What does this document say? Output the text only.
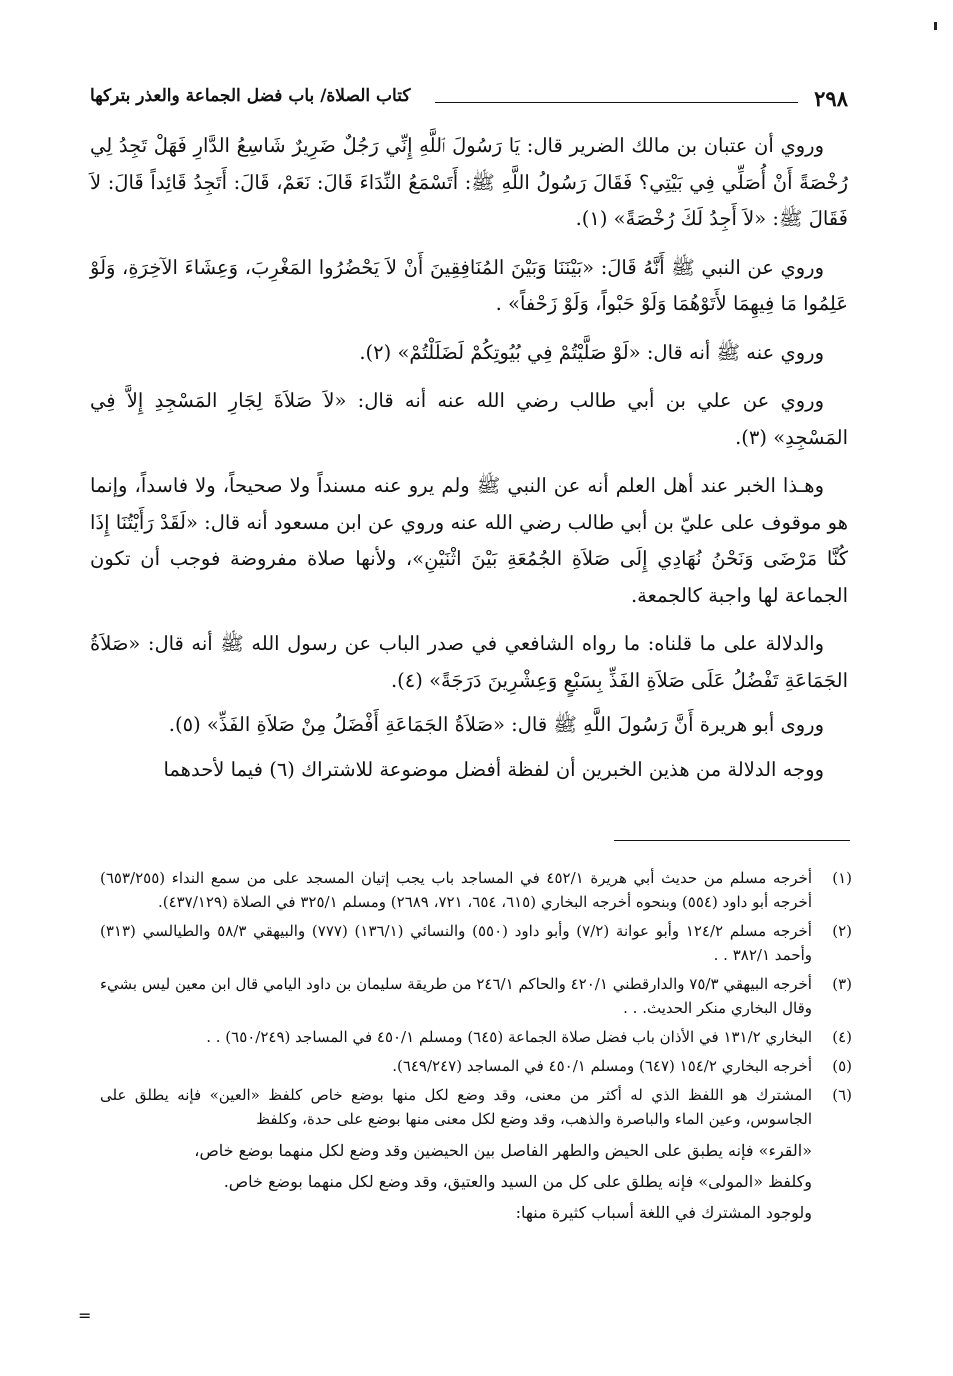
٢٩٨
كتاب الصلاة/ باب فضل الجماعة والعذر بتركها

وروي أن عتبان بن مالك الضرير قال: يَا رَسُولَ ٱللَّهِ إِنِّي رَجُلٌ ضَرِيرٌ شَاسِعُ الدَّارِ فَهَلْ تَجِدُ لِي رُخْصَةً أَنْ أُصَلِّي فِي بَيْتِي؟ فَقَالَ رَسُولُ اللَّهِ ﷺ: أَتَسْمَعُ النِّدَاءَ قَالَ: نَعَمْ، قَالَ: أَتَجِدُ قَائِداً قَالَ: لاَ فَقَالَ ﷺ: «لاَ أَجِدُ لَكَ رُخْصَةً» (١).

وروي عن النبي ﷺ أَنَّهُ قَالَ: «بَيْنَنَا وَبَيْنَ المُنَافِقِينَ أَنْ لاَ يَحْضُرُوا المَغْرِبَ، وَعِشَاءَ الآخِرَةِ، وَلَوْ عَلِمُوا مَا فِيهِمَا لأَتَوْهُمَا وَلَوْ حَبْواً، وَلَوْ زَحْفاً» .

وروي عنه ﷺ أنه قال: «لَوْ صَلَّيْتُمْ فِي بُيُوتِكُمْ لَضَلَلْتُمْ» (٢).

وروي عن علي بن أبي طالب رضي الله عنه أنه قال: «لاَ صَلاَةَ لِجَارِ المَسْجِدِ إِلاَّ فِي المَسْجِدِ» (٣).

وهـذا الخبر عند أهل العلم أنه عن النبي ﷺ ولم يرو عنه مسنداً ولا صحيحاً، ولا فاسداً، وإنما هو موقوف على عليّ بن أبي طالب رضي الله عنه وروي عن ابن مسعود أنه قال: «لَقَدْ رَأَيْتُنَا إِذَا كُنَّا مَرْضَى وَنَحْنُ نُهَادِي إِلَى صَلاَةِ الجُمُعَةِ بَيْنَ اثْنَيْنِ»، ولأنها صلاة مفروضة فوجب أن تكون الجماعة لها واجبة كالجمعة.

والدلالة على ما قلناه: ما رواه الشافعي في صدر الباب عن رسول الله ﷺ أنه قال: «صَلاَةُ الجَمَاعَةِ تَفْضُلُ عَلَى صَلاَةِ الفَذِّ بِسَبْعٍ وَعِشْرِينَ دَرَجَةً» (٤).

وروى أبو هريرة أَنَّ رَسُولَ اللَّهِ ﷺ قال: «صَلاَةُ الجَمَاعَةِ أَفْضَلُ مِنْ صَلاَةِ الفَذِّ» (٥).

ووجه الدلالة من هذين الخبرين أن لفظة أفضل موضوعة للاشتراك (٦) فيما لأحدهما

(١)
أخرجه مسلم من حديث أبي هريرة ٤٥٢/١ في المساجد باب يجب إتيان المسجد على من سمع النداء (٦٥٣/٢٥٥) أخرجه أبو داود (٥٥٤) وبنحوه أخرجه البخاري (٦١٥، ٦٥٤، ٧٢١، ٢٦٨٩) ومسلم ٣٢٥/١ في الصلاة (٤٣٧/١٢٩).
(٢)
أخرجه مسلم ١٢٤/٢ وأبو عوانة (٧/٢) وأبو داود (٥٥٠) والنسائي (١٣٦/١) (٧٧٧) والبيهقي ٥٨/٣ والطيالسي (٣١٣) وأحمد ٣٨٢/١ . .
(٣)
أخرجه البيهقي ٧٥/٣ والدارقطني ٤٢٠/١ والحاكم ٢٤٦/١ من طريقة سليمان بن داود اليامي قال ابن معين ليس بشيء وقال البخاري منكر الحديث. . .
(٤)
البخاري ١٣١/٢ في الأذان باب فضل صلاة الجماعة (٦٤٥) ومسلم ٤٥٠/١ في المساجد (٦٥٠/٢٤٩) . .
(٥)
أخرجه البخاري ١٥٤/٢ (٦٤٧) ومسلم ٤٥٠/١ في المساجد (٦٤٩/٢٤٧).
(٦)
المشترك هو اللفظ الذي له أكثر من معنى، وقد وضع لكل منها بوضع خاص كلفظ «العين» فإنه يطلق على الجاسوس، وعين الماء والباصرة والذهب، وقد وضع لكل معنى منها بوضع على حدة، وكلفظ
«القرء» فإنه يطبق على الحيض والطهر الفاصل بين الحيضين وقد وضع لكل منهما بوضع خاص،
وكلفظ «المولى» فإنه يطلق على كل من السيد والعتيق، وقد وضع لكل منهما بوضع خاص.
ولوجود المشترك في اللغة أسباب كثيرة منها:
=
